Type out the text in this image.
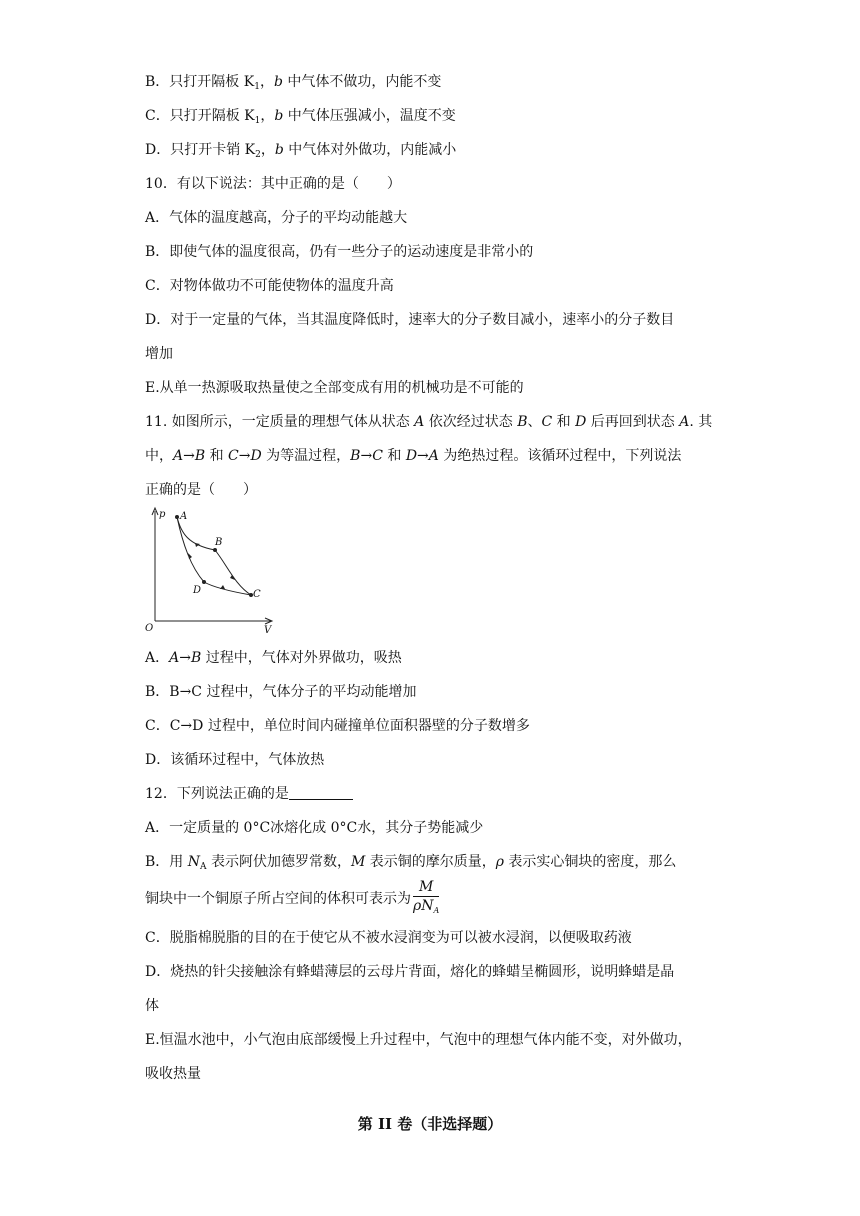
B．只打开隔板 $K_1$，b 中气体不做功，内能不变
C．只打开隔板 $K_1$，b 中气体压强减小，温度不变
D．只打开卡销 $K_2$，b 中气体对外做功，内能减小
10．有以下说法：其中正确的是（　　）
A．气体的温度越高，分子的平均动能越大
B．即使气体的温度很高，仍有一些分子的运动速度是非常小的
C．对物体做功不可能使物体的温度升高
D．对于一定量的气体，当其温度降低时，速率大的分子数目减小，速率小的分子数目
增加
E.从单一热源吸取热量使之全部变成有用的机械功是不可能的
11. 如图所示，一定质量的理想气体从状态 A 依次经过状态 B、C 和 D 后再回到状态 A. 其
中，A→B 和 C→D 为等温过程，B→C 和 D→A 为绝热过程。该循环过程中，下列说法
正确的是（　　）
p
V
O
A
B
C
D
A．A→B 过程中，气体对外界做功，吸热
B．B→C 过程中，气体分子的平均动能增加
C．C→D 过程中，单位时间内碰撞单位面积器壁的分子数增多
D．该循环过程中，气体放热
12．下列说法正确的是
A．一定质量的 0°C冰熔化成 0°C水，其分子势能减少
B．用 $N_A$ 表示阿伏加德罗常数，M 表示铜的摩尔质量，ρ 表示实心铜块的密度，那么
铜块中一个铜原子所占空间的体积可表示为 $\frac{M}{\rho N_A}$
C．脱脂棉脱脂的目的在于使它从不被水浸润变为可以被水浸润，以便吸取药液
D．烧热的针尖接触涂有蜂蜡薄层的云母片背面，熔化的蜂蜡呈椭圆形，说明蜂蜡是晶
体
E.恒温水池中，小气泡由底部缓慢上升过程中，气泡中的理想气体内能不变，对外做功，
吸收热量
第 II 卷（非选择题）
